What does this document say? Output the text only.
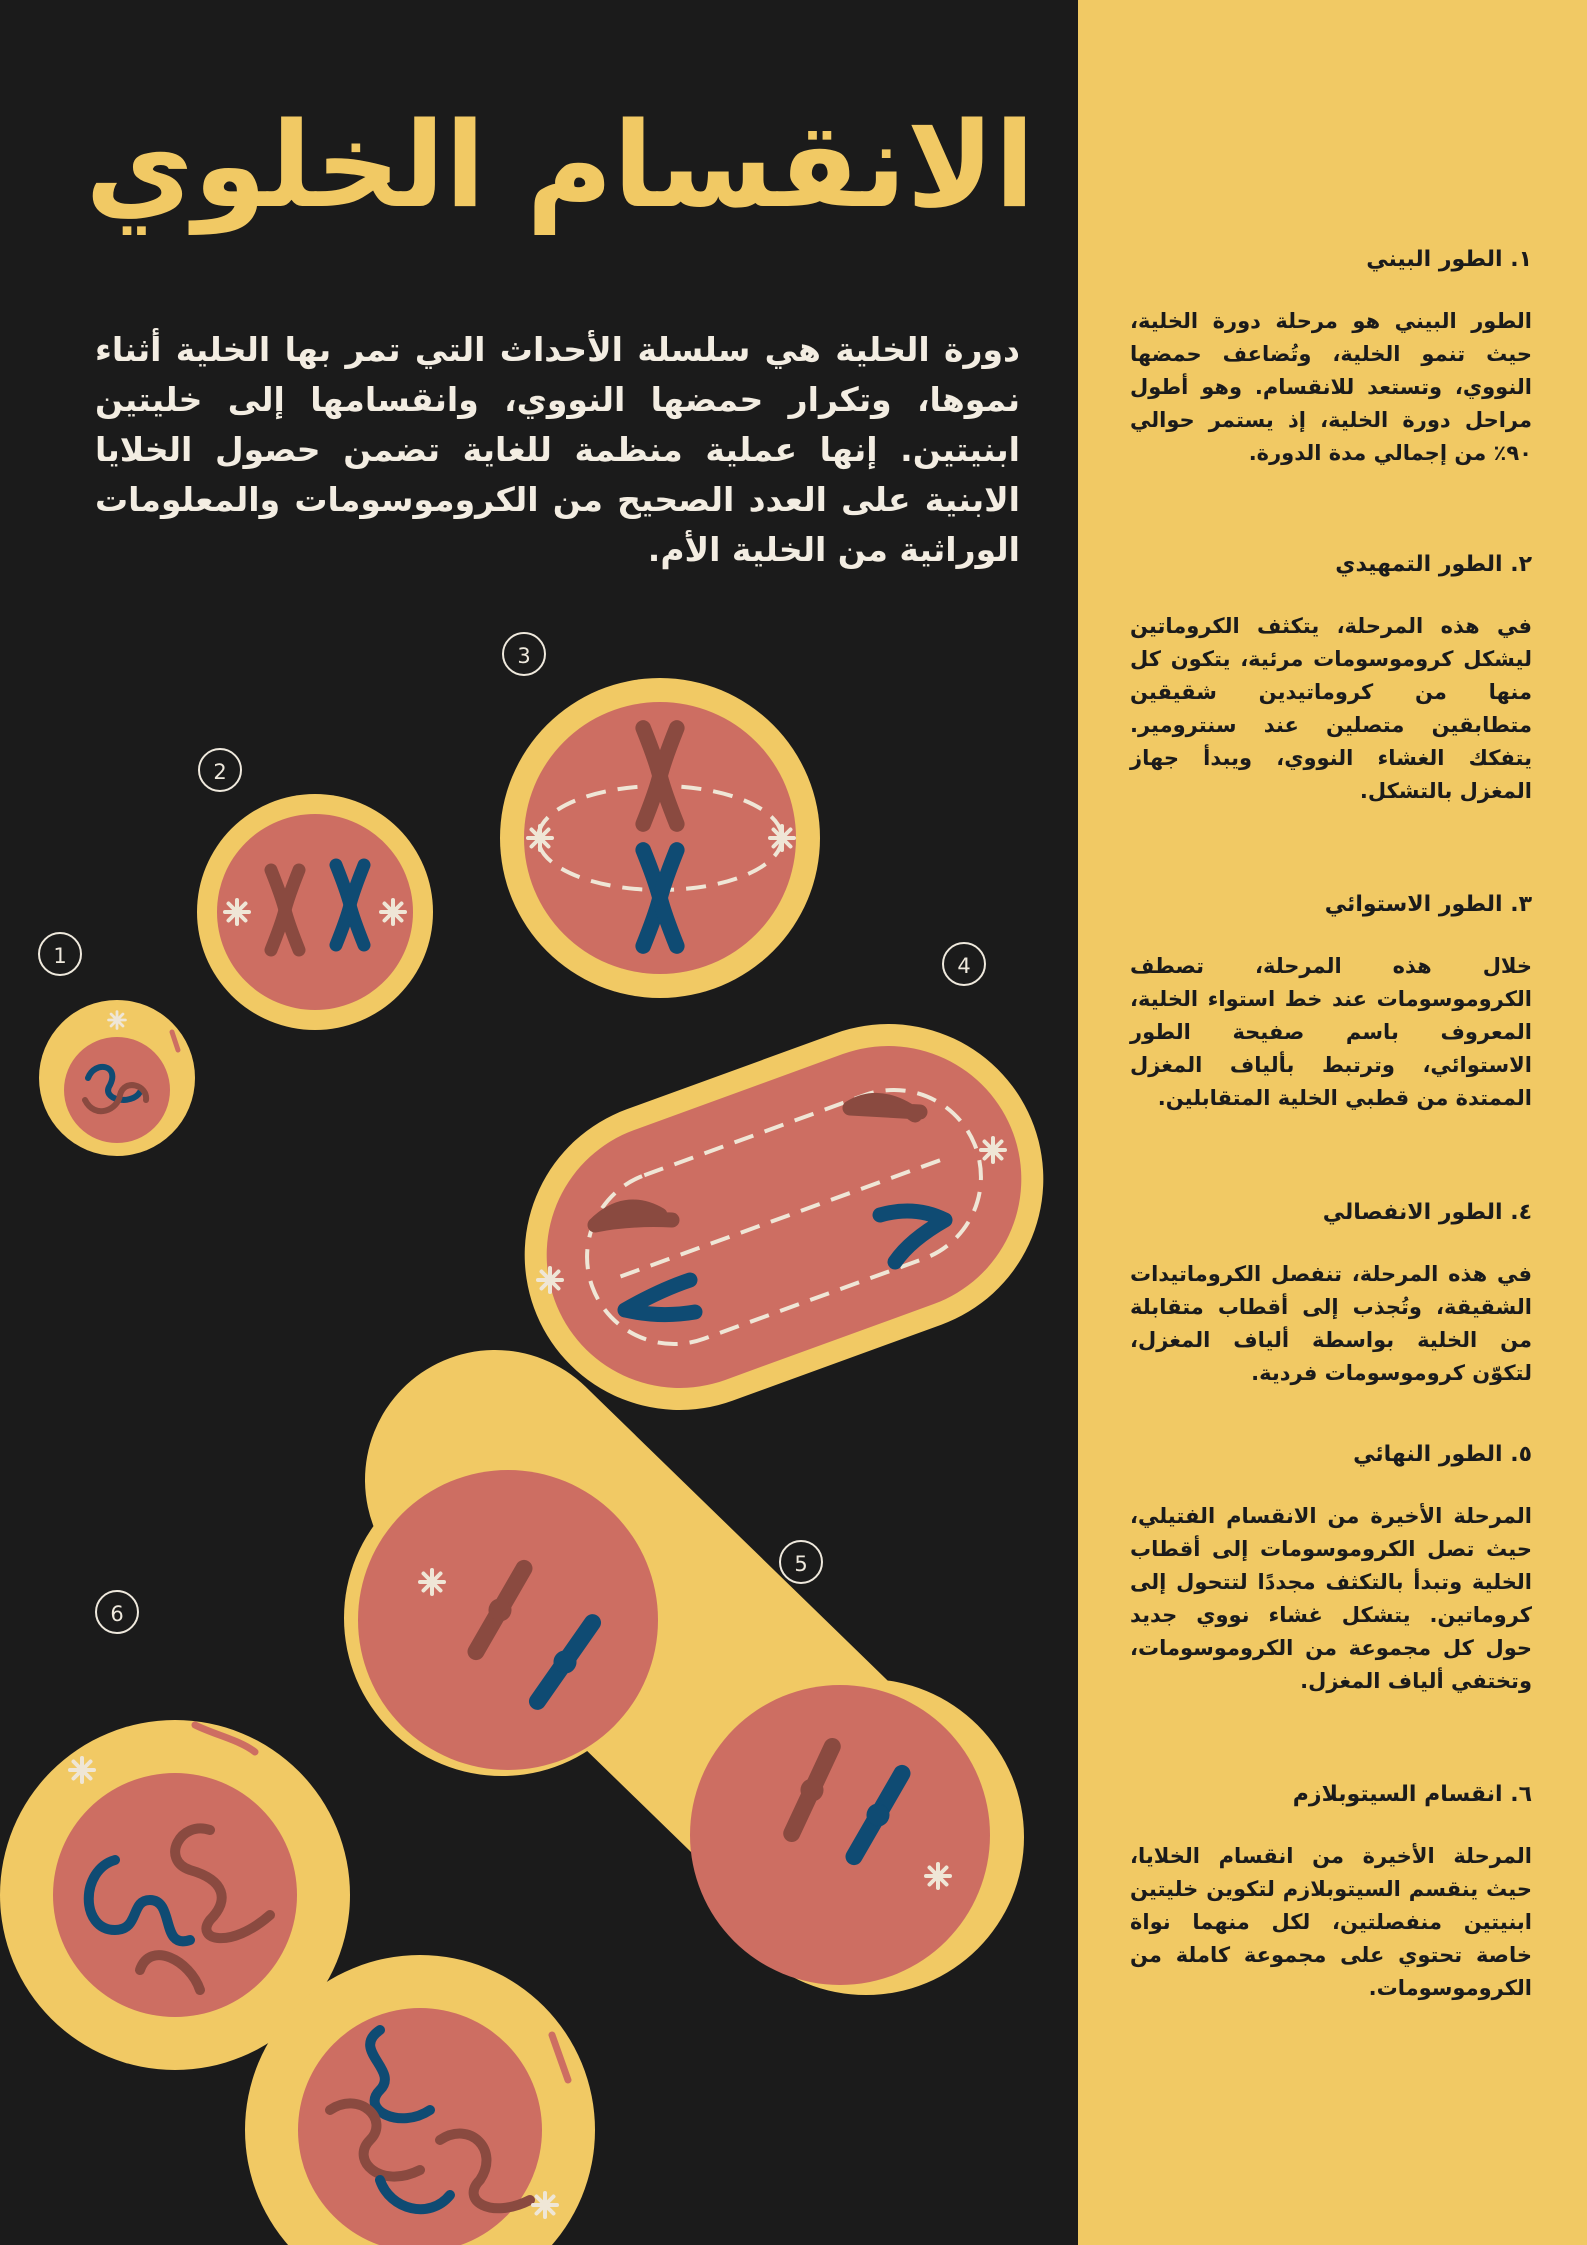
الانقسام الخلوي
دورة الخلية هي سلسلة الأحداث التي تمر بها الخلية أثناء نموها، وتكرار حمضها النووي، وانقسامها إلى خليتين ابنيتين. إنها عملية منظمة للغاية تضمن حصول الخلايا الابنية على العدد الصحيح من الكروموسومات والمعلومات الوراثية من الخلية الأم.
1
2
3
4
5
6
١. الطور البيني
الطور البيني هو مرحلة دورة الخلية، حيث تنمو الخلية، وتُضاعف حمضها النووي، وتستعد للانقسام. وهو أطول مراحل دورة الخلية، إذ يستمر حوالي ٩٠٪ من إجمالي مدة الدورة.
٢. الطور التمهيدي
في هذه المرحلة، يتكثف الكروماتين ليشكل كروموسومات مرئية، يتكون كل منها من كروماتيدين شقيقين متطابقين متصلين عند سنترومير. يتفكك الغشاء النووي، ويبدأ جهاز المغزل بالتشكل.
٣. الطور الاستوائي
خلال هذه المرحلة، تصطف الكروموسومات عند خط استواء الخلية، المعروف باسم صفيحة الطور الاستوائي، وترتبط بألياف المغزل الممتدة من قطبي الخلية المتقابلين.
٤. الطور الانفصالي
في هذه المرحلة، تنفصل الكروماتيدات الشقيقة، وتُجذب إلى أقطاب متقابلة من الخلية بواسطة ألياف المغزل، لتكوّن كروموسومات فردية.
٥. الطور النهائي
المرحلة الأخيرة من الانقسام الفتيلي، حيث تصل الكروموسومات إلى أقطاب الخلية وتبدأ بالتكثف مجددًا لتتحول إلى كروماتين. يتشكل غشاء نووي جديد حول كل مجموعة من الكروموسومات، وتختفي ألياف المغزل.
٦. انقسام السيتوبلازم
المرحلة الأخيرة من انقسام الخلايا، حيث ينقسم السيتوبلازم لتكوين خليتين ابنيتين منفصلتين، لكل منهما نواة خاصة تحتوي على مجموعة كاملة من الكروموسومات.
